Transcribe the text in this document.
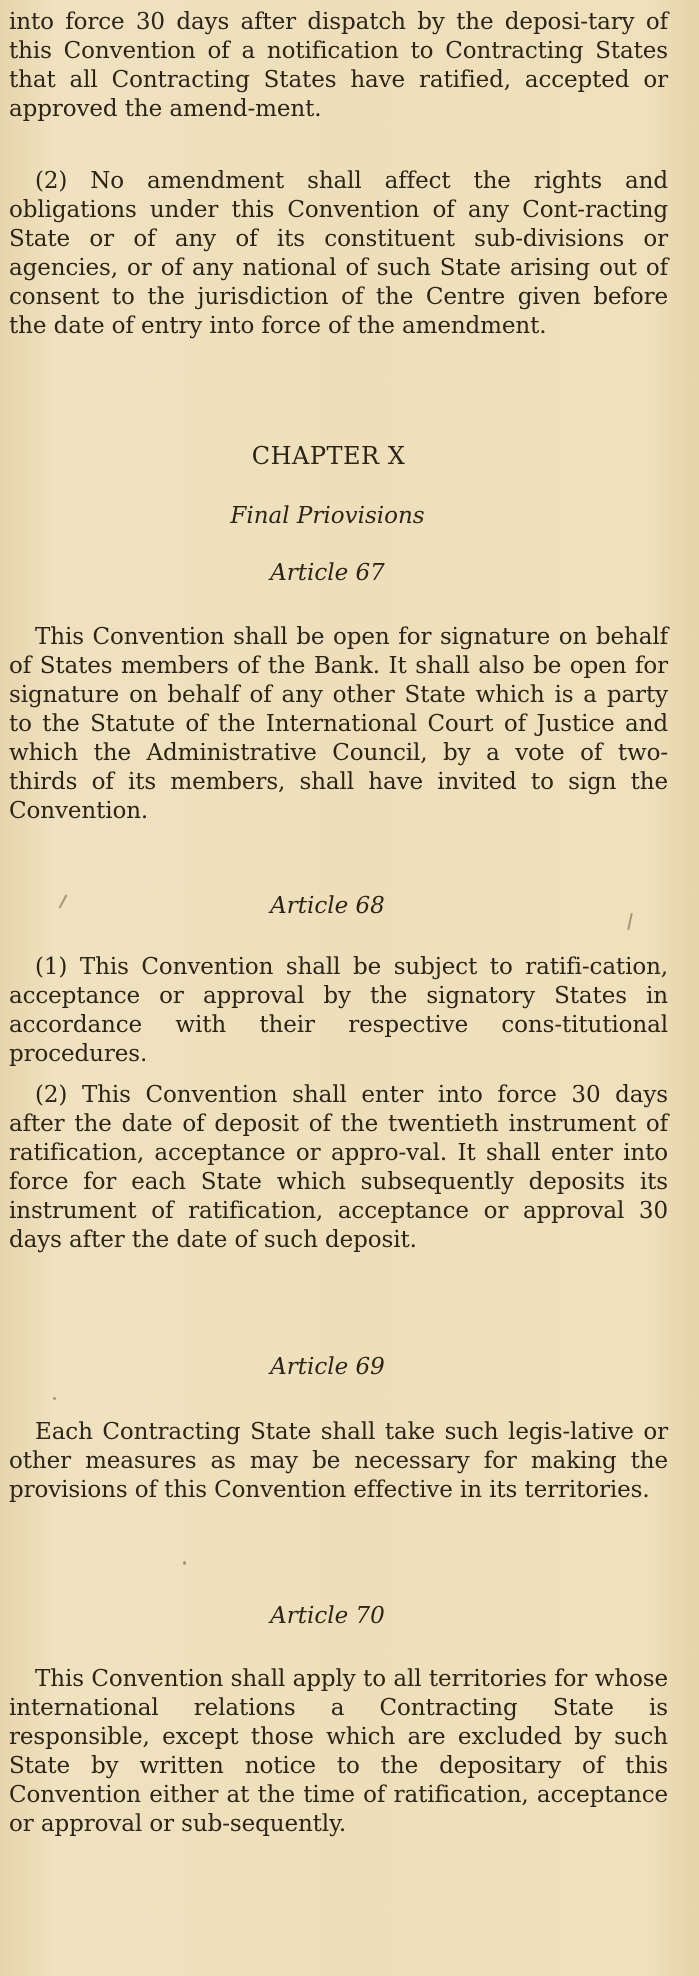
into force 30 days after dispatch by the deposi-tary of this Convention of a notification to Contracting States that all Contracting States have ratified, accepted or approved the amend-ment.

(2) No amendment shall affect the rights and obligations under this Convention of any Cont-racting State or of any of its constituent sub-divisions or agencies, or of any national of such State arising out of consent to the jurisdiction of the Centre given before the date of entry into force of the amendment.

CHAPTER X
Final Priovisions
Article 67

This Convention shall be open for signature on behalf of States members of the Bank. It shall also be open for signature on behalf of any other State which is a party to the Statute of the International Court of Justice and which the Administrative Council, by a vote of two-thirds of its members, shall have invited to sign the Convention.

Article 68

(1) This Convention shall be subject to ratifi-cation, acceptance or approval by the signatory States in accordance with their respective cons-titutional procedures.

(2) This Convention shall enter into force 30 days after the date of deposit of the twentieth instrument of ratification, acceptance or appro-val. It shall enter into force for each State which subsequently deposits its instrument of ratification, acceptance or approval 30 days after the date of such deposit.

Article 69

Each Contracting State shall take such legis-lative or other measures as may be necessary for making the provisions of this Convention effective in its territories.

Article 70

This Convention shall apply to all territories for whose international relations a Contracting State is responsible, except those which are excluded by such State by written notice to the depositary of this Convention either at the time of ratification, acceptance or approval or sub-sequently.
